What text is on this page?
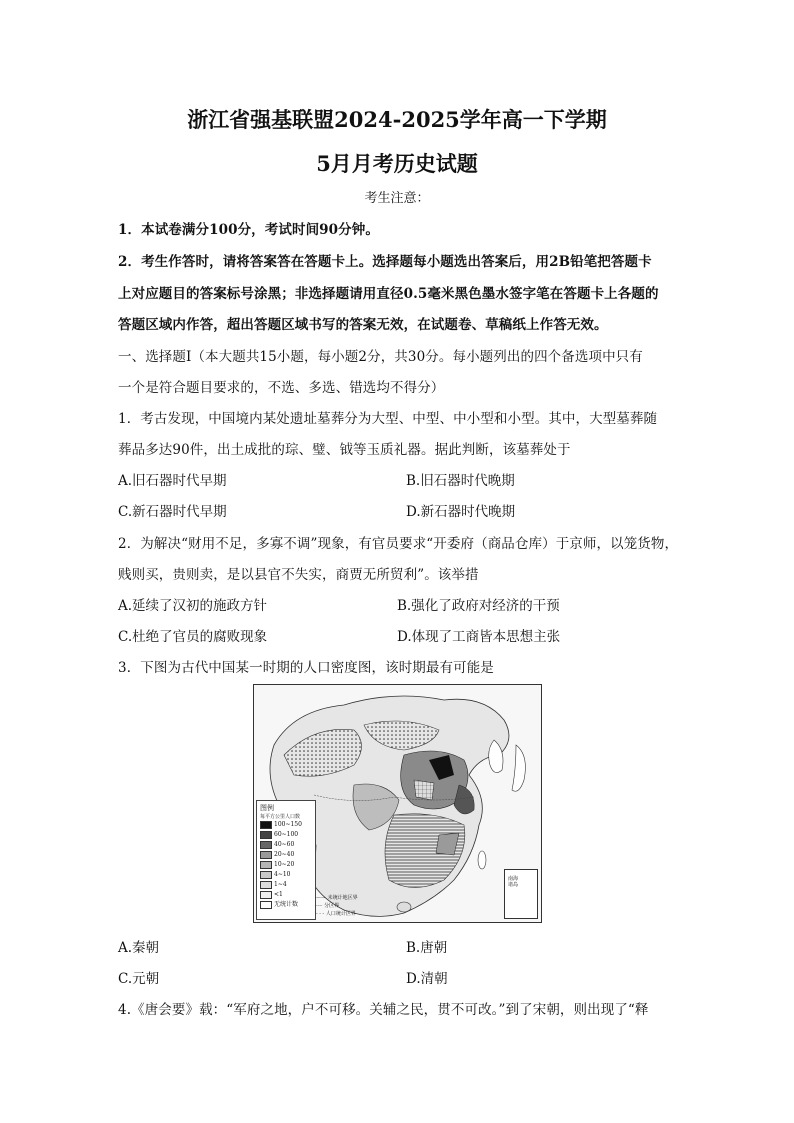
浙江省强基联盟2024-2025学年高一下学期
5月月考历史试题
考生注意：
1．本试卷满分100分，考试时间90分钟。
2．考生作答时，请将答案答在答题卡上。选择题每小题选出答案后，用2B铅笔把答题卡
上对应题目的答案标号涂黑；非选择题请用直径0.5毫米黑色墨水签字笔在答题卡上各题的
答题区域内作答，超出答题区域书写的答案无效，在试题卷、草稿纸上作答无效。
一、选择题Ⅰ（本大题共15小题，每小题2分，共30分。每小题列出的四个备选项中只有
一个是符合题目要求的，不选、多选、错选均不得分）
1．考古发现，中国境内某处遗址墓葬分为大型、中型、中小型和小型。其中，大型墓葬随
葬品多达90件，出土成批的琮、璧、钺等玉质礼器。据此判断，该墓葬处于
A.旧石器时代早期	B.旧石器时代晚期
C.新石器时代早期	D.新石器时代晚期
2．为解决“财用不足，多寡不调”现象，有官员要求“开委府（商品仓库）于京师，以笼货物，
贱则买，贵则卖，是以县官不失实，商贾无所贸利”。该举措
A.延续了汉初的施政方针	B.强化了政府对经济的干预
C.杜绝了官员的腐败现象	D.体现了工商皆本思想主张
3．下图为古代中国某一时期的人口密度图，该时期最有可能是
图例
每平方公里人口数
100~150
60~100
40~60
20~40
10~20
4~10
1~4
<1
无统计数
—— 未统计地区界
-·-· 分区界
- - - 人口统计区界
南海
诸岛
A.秦朝	B.唐朝
C.元朝	D.清朝
4.《唐会要》载：“军府之地，户不可移。关辅之民，贯不可改。”到了宋朝，则出现了“释
